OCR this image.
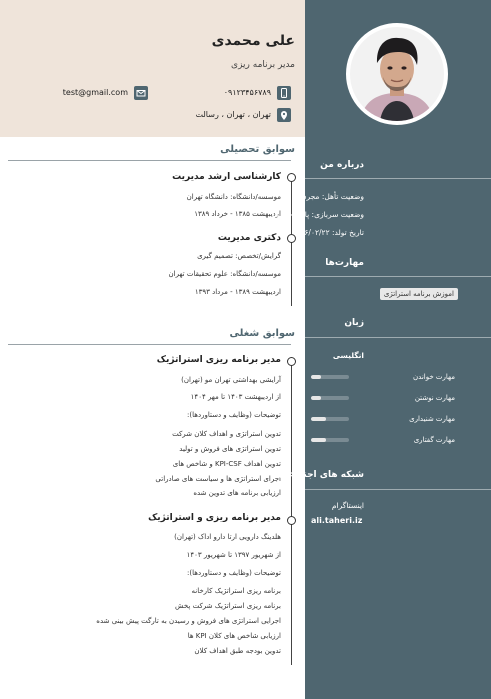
علی محمدی
مدیر برنامه ریزی
test@gmail.com	۰۹۱۲۳۴۵۶۷۸۹
تهران ، تهران ، رسالت
سوابق تحصیلی
کارشناسی ارشد مدیریت
موسسه/دانشگاه: دانشگاه تهران
اردیبهشت ۱۳۸۵ - خرداد ۱۳۸۹
دکتری مدیریت
گرایش/تخصص: تصمیم گیری
موسسه/دانشگاه: علوم تحقیقات تهران
اردیبهشت ۱۳۸۹ - مرداد ۱۳۹۳
سوابق شغلی
مدیر برنامه ریزی استراتژیک
آرایشی بهداشتی تهران مو (تهران)
از اردیبهشت ۱۴۰۳ تا مهر ۱۴۰۴
توضیحات (وظایف و دستاوردها):
تدوین استراتژی و اهداف کلان شرکت
تدوین استراتژی های فروش و تولید
تدوین اهداف KPI-CSF و شاخص های
اجرای استراتژی ها و سیاست های صادراتی
ارزیابی برنامه های تدوین شده
مدیر برنامه ریزی و استراتژیک
هلدینگ دارویی ارتا دارو اداک (تهران)
از شهریور ۱۳۹۷ تا شهریور ۱۴۰۳
توضیحات (وظایف و دستاوردها):
برنامه ریزی استراتژیک کارخانه
برنامه ریزی استراتژیک شرکت پخش
اجرایی استراتژی های فروش و رسیدن به تارگت پیش بینی شده
ارزیابی شاخص های کلان KPI ها
تدوین بودجه طبق اهداف کلان
درباره من
وضعیت تأهل: مجرد
وضعیت سربازی: پایان خدمت
تاریخ تولد: ۱۳۶۶/۰۲/۲۲
مهارت‌ها
اموزش برنامه استراتژی
زبان
انگلیسی
مهارت خواندن
مهارت نوشتن
مهارت شنیداری
مهارت گفتاری
شبکه های اجتماعی
اینستاگرام
ali.taheri.iz
